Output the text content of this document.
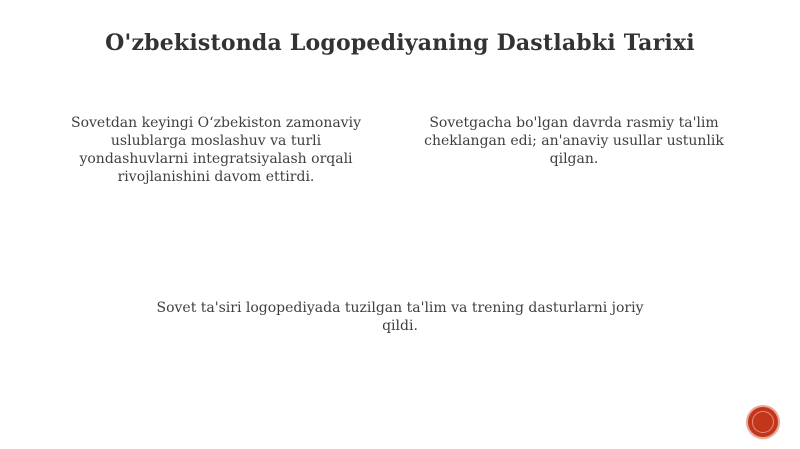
O'zbekistonda Logopediyaning Dastlabki Tarixi
Sovetdan keyingi O‘zbekiston zamonaviy uslublarga moslashuv va turli yondashuvlarni integratsiyalash orqali rivojlanishini davom ettirdi.
Sovetgacha bo'lgan davrda rasmiy ta'lim cheklangan edi; an'anaviy usullar ustunlik qilgan.
Sovet ta'siri logopediyada tuzilgan ta'lim va trening dasturlarni joriy qildi.
